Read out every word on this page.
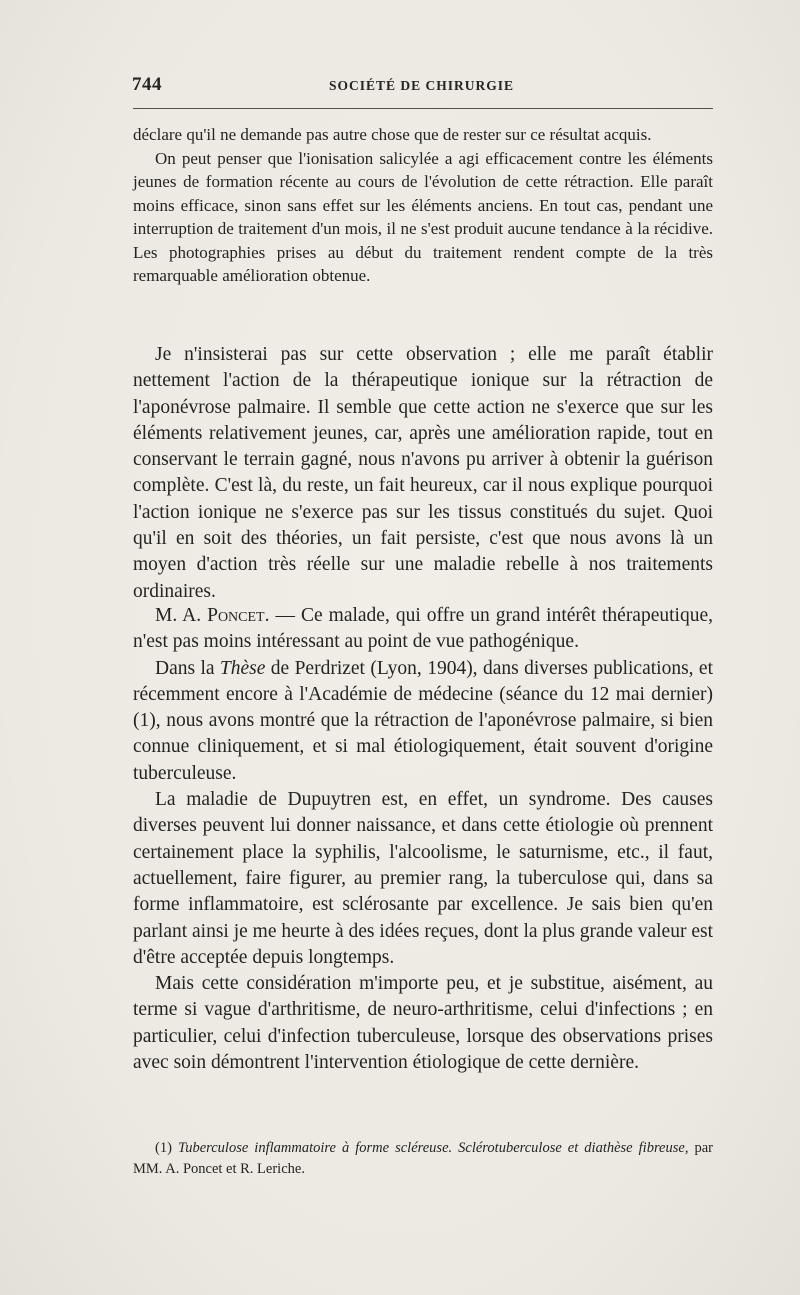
744	SOCIÉTÉ DE CHIRURGIE

déclare qu'il ne demande pas autre chose que de rester sur ce résultat acquis.

On peut penser que l'ionisation salicylée a agi efficacement contre les éléments jeunes de formation récente au cours de l'évolution de cette rétraction. Elle paraît moins efficace, sinon sans effet sur les éléments anciens. En tout cas, pendant une interruption de traitement d'un mois, il ne s'est produit aucune tendance à la récidive. Les photographies prises au début du traitement rendent compte de la très remarquable amélioration obtenue.

Je n'insisterai pas sur cette observation ; elle me paraît établir nettement l'action de la thérapeutique ionique sur la rétraction de l'aponévrose palmaire. Il semble que cette action ne s'exerce que sur les éléments relativement jeunes, car, après une amélioration rapide, tout en conservant le terrain gagné, nous n'avons pu arriver à obtenir la guérison complète. C'est là, du reste, un fait heureux, car il nous explique pourquoi l'action ionique ne s'exerce pas sur les tissus constitués du sujet. Quoi qu'il en soit des théories, un fait persiste, c'est que nous avons là un moyen d'action très réelle sur une maladie rebelle à nos traitements ordinaires.

M. A. Poncet. — Ce malade, qui offre un grand intérêt thérapeutique, n'est pas moins intéressant au point de vue pathogénique.

Dans la Thèse de Perdrizet (Lyon, 1904), dans diverses publications, et récemment encore à l'Académie de médecine (séance du 12 mai dernier) (1), nous avons montré que la rétraction de l'aponévrose palmaire, si bien connue cliniquement, et si mal étiologiquement, était souvent d'origine tuberculeuse.

La maladie de Dupuytren est, en effet, un syndrome. Des causes diverses peuvent lui donner naissance, et dans cette étiologie où prennent certainement place la syphilis, l'alcoolisme, le saturnisme, etc., il faut, actuellement, faire figurer, au premier rang, la tuberculose qui, dans sa forme inflammatoire, est sclérosante par excellence. Je sais bien qu'en parlant ainsi je me heurte à des idées reçues, dont la plus grande valeur est d'être acceptée depuis longtemps.

Mais cette considération m'importe peu, et je substitue, aisément, au terme si vague d'arthritisme, de neuro-arthritisme, celui d'infections ; en particulier, celui d'infection tuberculeuse, lorsque des observations prises avec soin démontrent l'intervention étiologique de cette dernière.

(1) Tuberculose inflammatoire à forme scléreuse. Sclérotuberculose et diathèse fibreuse, par MM. A. Poncet et R. Leriche.
